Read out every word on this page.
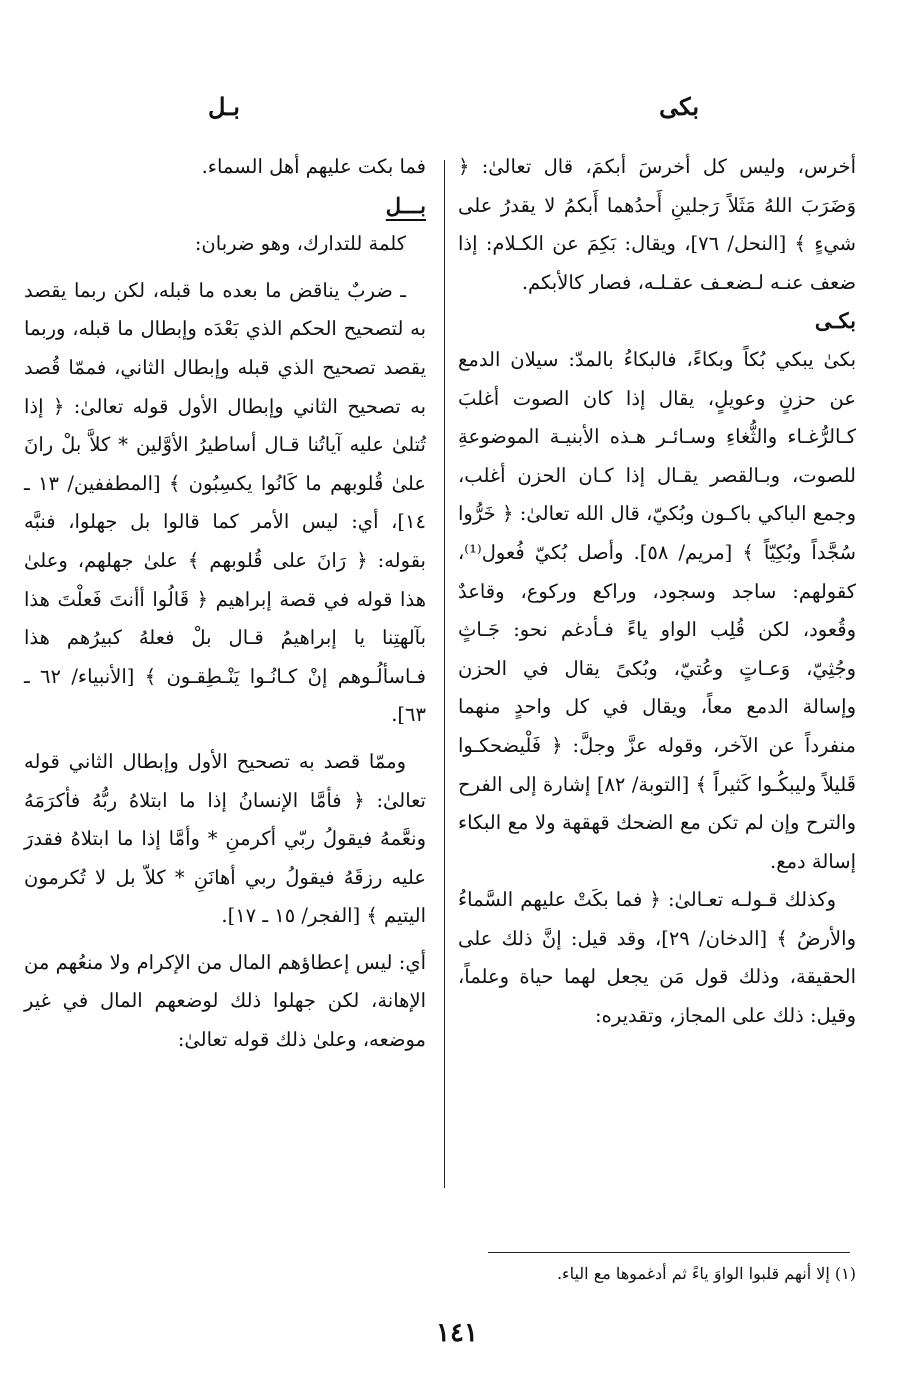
بكى
بـل

أخرس، وليس كل أخرسَ أبكمَ، قال تعالىٰ: ﴿ وَضَرَبَ اللهُ مَثَلاً رَجلينِ أَحدُهما أَبكمُ لا يقدرُ على شيءٍ ﴾ [النحل/ ٧٦]، ويقال: بَكِمَ عن الكـلام: إذا ضعف عنـه لـضعـف عقـلـه، فصار كالأبكم.

بكـى

بكىٰ يبكي بُكاً وبكاءً، فالبكاءُ بالمدّ: سيلان الدمع عن حزنٍ وعويلٍ، يقال إذا كان الصوت أغلبَ كـالرُّغـاء والثُّغاءِ وسـائـر هـذه الأبنيـة الموضوعةِ للصوت، وبـالقصر يقـال إذا كـان الحزن أغلب، وجمع الباكي باكـون وبُكيّ، قال الله تعالىٰ: ﴿ خَرُّوا سُجَّداً وبُكِيّاً ﴾ [مريم/ ٥٨]. وأصل بُكيّ فُعول⁽¹⁾، كقولهم: ساجد وسجود، وراكع وركوع، وقاعدٌ وقُعود، لكن قُلِب الواو ياءً فـأدغم نحو: جَـاثٍ وجُثِيّ، وَعـاتٍ وعُتيّ، وبُكىً يقال في الحزن وإسالة الدمع معاً، ويقال في كل واحدٍ منهما منفرداً عن الآخر، وقوله عزَّ وجلَّ: ﴿ فَلْيضحكـوا قَليلاً وليبكُـوا كَثيراً ﴾ [التوبة/ ٨٢] إشارة إلى الفرح والترح وإن لم تكن مع الضحك قهقهة ولا مع البكاء إسالة دمع.

وكذلك قـولـه تعـالىٰ: ﴿ فما بكَتْ عليهم السَّماءُ والأرضُ ﴾ [الدخان/ ٢٩]، وقد قيل: إنَّ ذلك على الحقيقة، وذلك قول مَن يجعل لهما حياة وعلماً، وقيل: ذلك على المجاز، وتقديره:

فما بكت عليهم أهل السماء.

بـــل

كلمة للتدارك، وهو ضربان:

ـ ضربٌ يناقض ما بعده ما قبله، لكن ربما يقصد به لتصحيح الحكم الذي بَعْدَه وإبطال ما قبله، وربما يقصد تصحيح الذي قبله وإبطال الثاني، فممّا قُصد به تصحيح الثاني وإبطال الأول قوله تعالىٰ: ﴿ إذا تُتلىٰ عليه آياتُنا قـال أساطيرُ الأوَّلين * كلاَّ بلْ رانَ علىٰ قُلوبهم ما كَانُوا يكسِبُون ﴾ [المطففين/ ١٣ ـ ١٤]، أي: ليس الأمر كما قالوا بل جهلوا، فنبَّه بقوله: ﴿ رَانَ على قُلوبهم ﴾ علىٰ جهلهم، وعلىٰ هذا قوله في قصة إبراهيم ﴿ قَالُوا أأنتَ فَعلْتَ هذا بآلهتِنا يا إبراهيمُ قـال بلْ فعلهُ كبيرُهم هذا فـاسألُـوهم إنْ كـانُـوا يَنْـطِقـون ﴾ [الأنبياء/ ٦٢ ـ ٦٣].

وممّا قصد به تصحيح الأول وإبطال الثاني قوله تعالىٰ: ﴿ فأمَّا الإنسانُ إذا ما ابتلاهُ ربُّهُ فأكرَمَهُ ونعَّمهُ فيقولُ ربّي أكرمنِ * وأمَّا إذا ما ابتلاهُ فقدرَ عليه رزقَهُ فيقولُ ربي أهانَنِ * كلاّ بل لا تُكرمون اليتيم ﴾ [الفجر/ ١٥ ـ ١٧].

أي: ليس إعطاؤهم المال من الإكرام ولا منعُهم من الإهانة، لكن جهلوا ذلك لوضعهم المال في غير موضعه، وعلىٰ ذلك قوله تعالىٰ:

(١) إلا أنهم قلبوا الواوَ ياءً ثم أدغموها مع الياء.
١٤١
